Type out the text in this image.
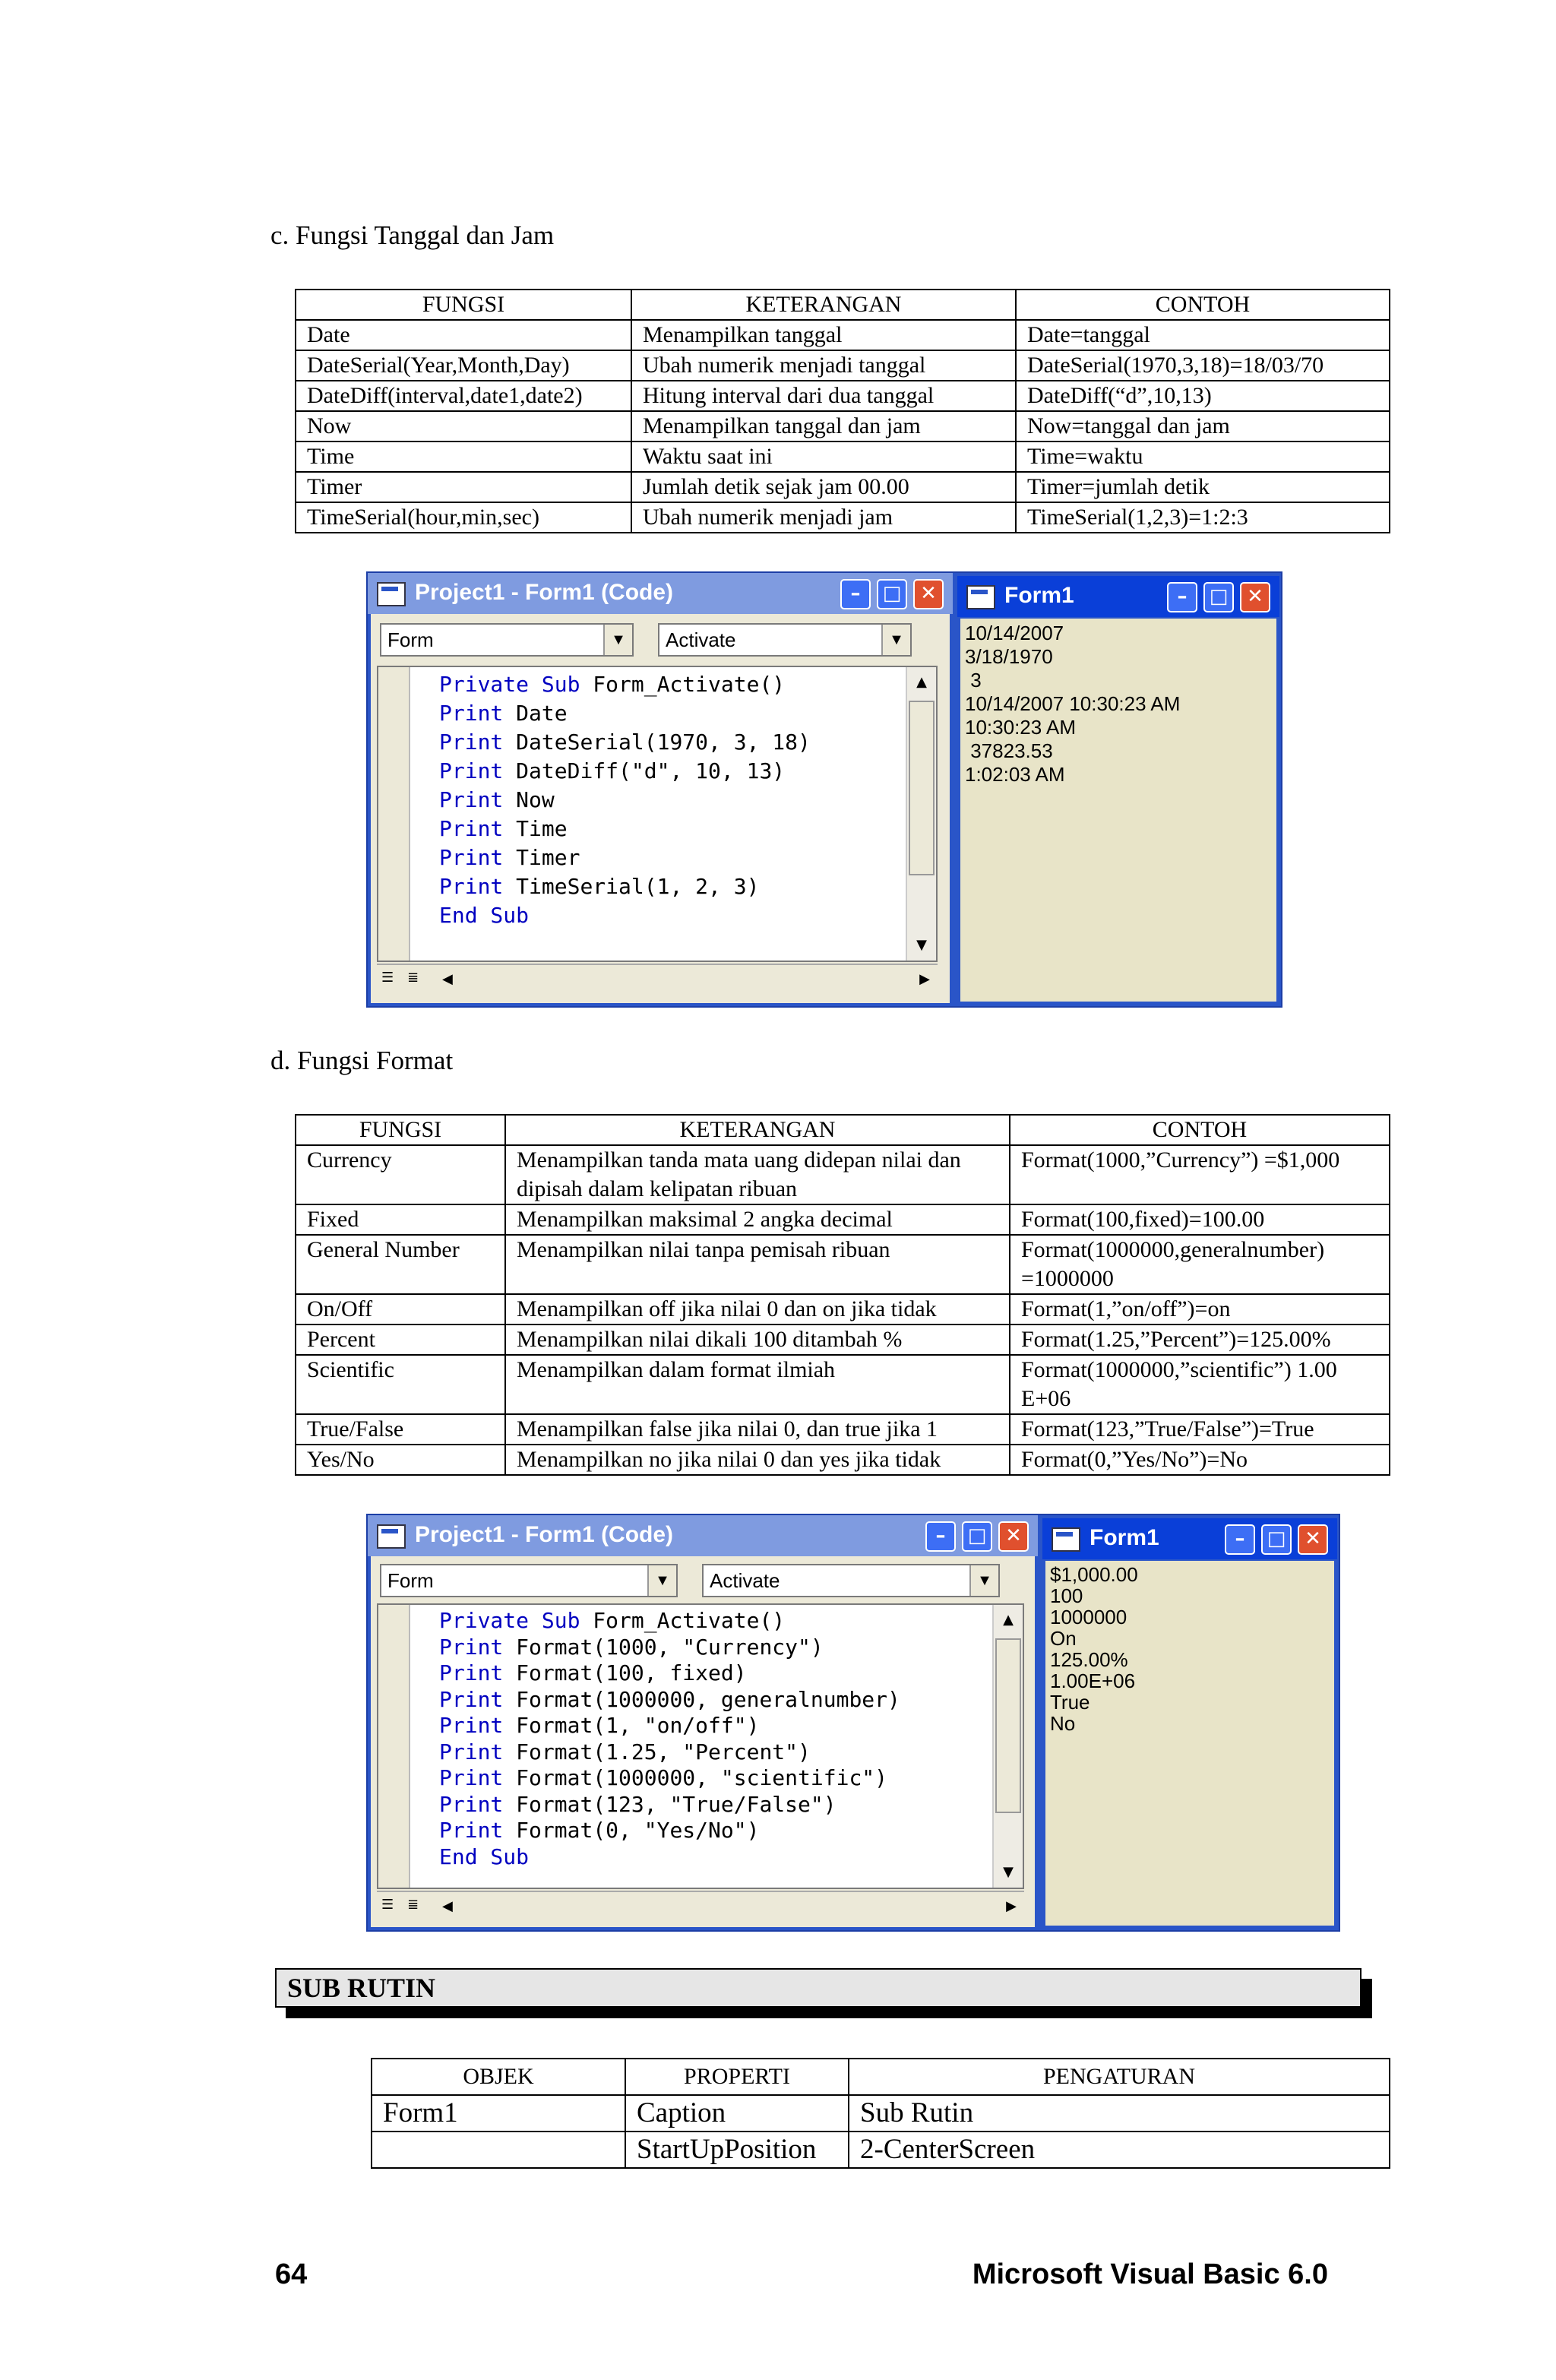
c. Fungsi Tanggal dan Jam
FUNGSI	KETERANGAN	CONTOH
Date	Menampilkan tanggal	Date=tanggal
DateSerial(Year,Month,Day)	Ubah numerik menjadi tanggal	DateSerial(1970,3,18)=18/03/70
DateDiff(interval,date1,date2)	Hitung interval dari dua tanggal	DateDiff(“d”,10,13)
Now	Menampilkan tanggal dan jam	Now=tanggal dan jam
Time	Waktu saat ini	Time=waktu
Timer	Jumlah detik sejak jam 00.00	Timer=jumlah detik
TimeSerial(hour,min,sec)	Ubah numerik menjadi jam	TimeSerial(1,2,3)=1:2:3
Project1 - Form1 (Code)	–	□ ✕
Form	▼	Activate	▼
Private Sub Form_Activate()
Print Date
Print DateSerial(1970, 3, 18)
Print DateDiff("d", 10, 13)
Print Now
Print Time
Print Timer
Print TimeSerial(1, 2, 3)
End Sub
▲
▼
☰ ≣ ◀	▶
Form1	–	□ ✕
10/14/2007
3/18/1970
3
10/14/2007 10:30:23 AM
10:30:23 AM
37823.53
1:02:03 AM
d. Fungsi Format
FUNGSI	KETERANGAN	CONTOH
Currency	Menampilkan tanda mata uang didepan nilai dan dipisah dalam kelipatan ribuan	Format(1000,”Currency”) =$1,000
Fixed	Menampilkan maksimal 2 angka decimal	Format(100,fixed)=100.00
General Number	Menampilkan nilai tanpa pemisah ribuan	Format(1000000,generalnumber) =1000000
On/Off	Menampilkan off jika nilai 0 dan on jika tidak	Format(1,”on/off”)=on
Percent	Menampilkan nilai dikali 100 ditambah %	Format(1.25,”Percent”)=125.00%
Scientific	Menampilkan dalam format ilmiah	Format(1000000,”scientific”) 1.00 E+06
True/False	Menampilkan false jika nilai 0, dan true jika 1	Format(123,”True/False”)=True
Yes/No	Menampilkan no jika nilai 0 dan yes jika tidak	Format(0,”Yes/No”)=No
Project1 - Form1 (Code)	–	□ ✕
Form	▼	Activate	▼
Private Sub Form_Activate()
Print Format(1000, "Currency")
Print Format(100, fixed)
Print Format(1000000, generalnumber)
Print Format(1, "on/off")
Print Format(1.25, "Percent")
Print Format(1000000, "scientific")
Print Format(123, "True/False")
Print Format(0, "Yes/No")
End Sub
▲
▼
☰ ≣ ◀	▶
Form1	–	□ ✕
$1,000.00
100
1000000
On
125.00%
1.00E+06
True
No
SUB RUTIN
OBJEK	PROPERTI	PENGATURAN
Form1	Caption	Sub Rutin
	StartUpPosition	2-CenterScreen
64	Microsoft Visual Basic 6.0
